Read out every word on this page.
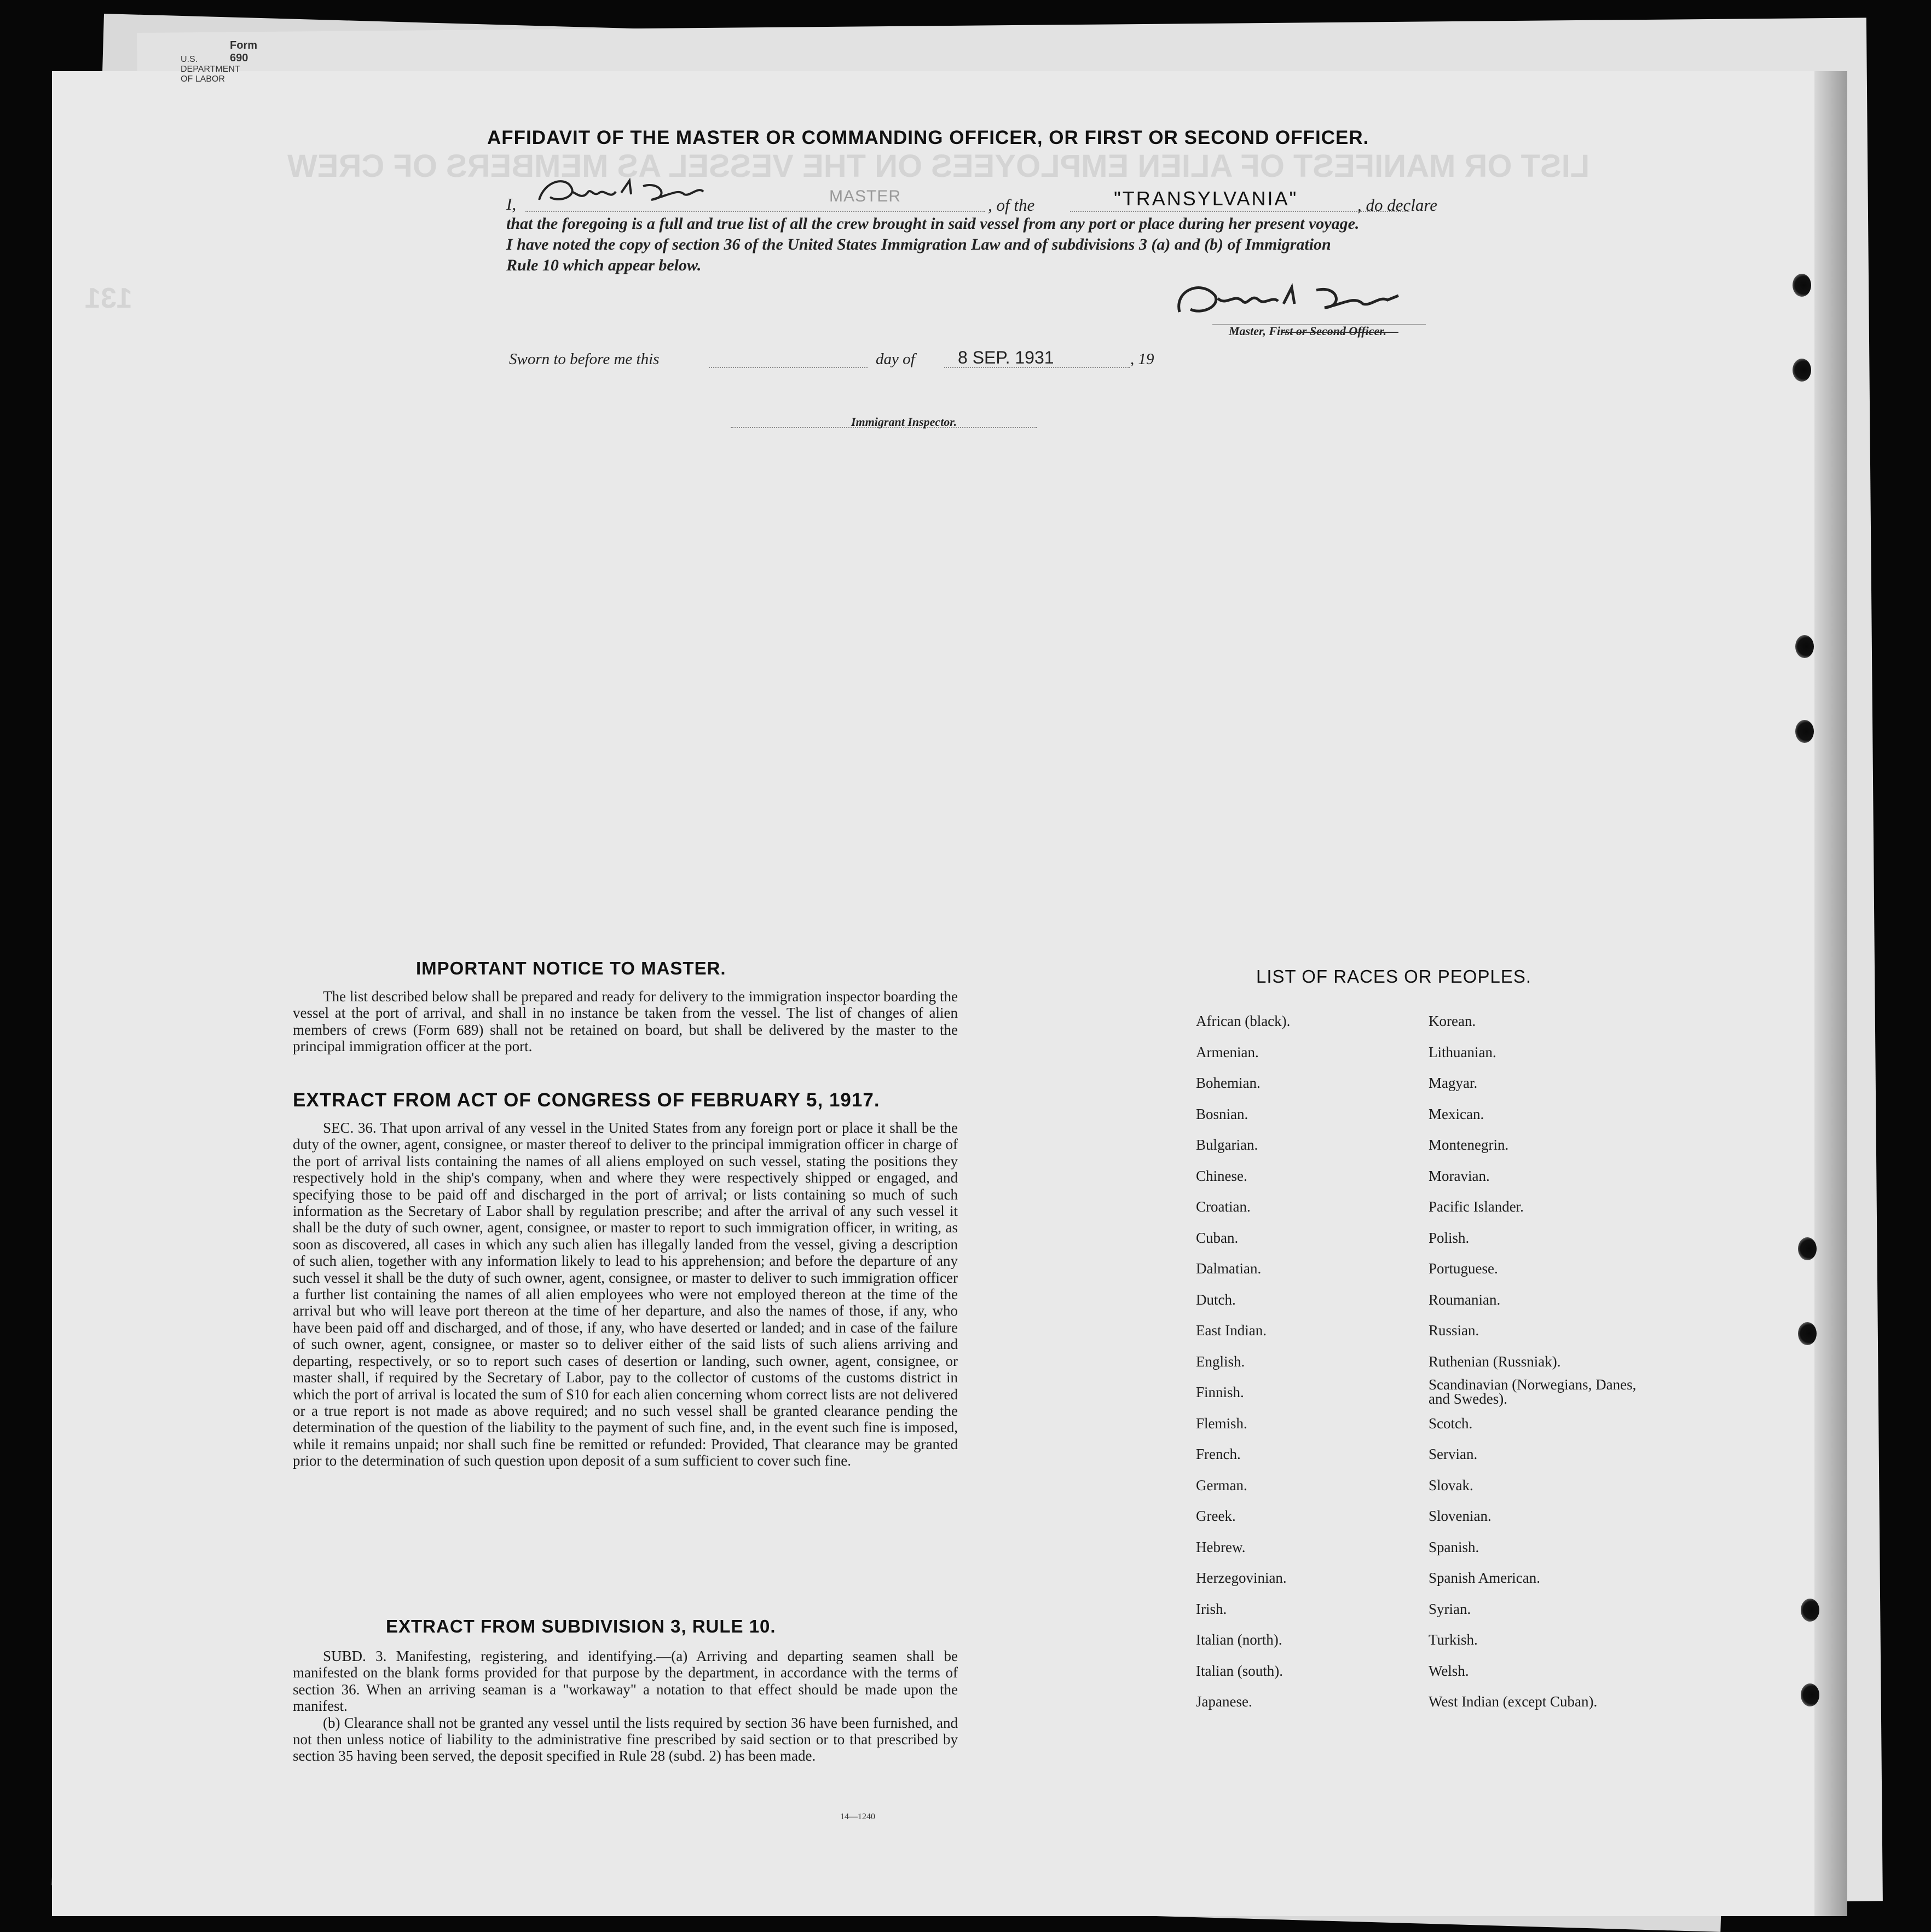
LIST OR MANIFEST OF ALIEN EMPLOYEES ON THE VESSEL AS MEMBERS OF CREW
131
AFFIDAVIT OF THE MASTER OR COMMANDING OFFICER, OR FIRST OR SECOND OFFICER.
I,	MASTER	, of the	"TRANSYLVANIA"	, do declare
that the foregoing is a full and true list of all the crew brought in said vessel from any port or place during her present voyage.
I have noted the copy of section 36 of the United States Immigration Law and of subdivisions 3 (a) and (b) of Immigration
Rule 10 which appear below.
Master, First or Second Officer.
Sworn to before me this	day of 8 SEP. 1931	, 19
Immigrant Inspector.
IMPORTANT NOTICE TO MASTER.

The list described below shall be prepared and ready for delivery to the immigration inspector boarding the vessel at the port of arrival, and shall in no instance be taken from the vessel. The list of changes of alien members of crews (Form 689) shall not be retained on board, but shall be delivered by the master to the principal immigration officer at the port.

EXTRACT FROM ACT OF CONGRESS OF FEBRUARY 5, 1917.

SEC. 36. That upon arrival of any vessel in the United States from any foreign port or place it shall be the duty of the owner, agent, consignee, or master thereof to deliver to the principal immigration officer in charge of the port of arrival lists containing the names of all aliens employed on such vessel, stating the positions they respectively hold in the ship's company, when and where they were respectively shipped or engaged, and specifying those to be paid off and discharged in the port of arrival; or lists containing so much of such information as the Secretary of Labor shall by regulation prescribe; and after the arrival of any such vessel it shall be the duty of such owner, agent, consignee, or master to report to such immigration officer, in writing, as soon as discovered, all cases in which any such alien has illegally landed from the vessel, giving a description of such alien, together with any information likely to lead to his apprehension; and before the departure of any such vessel it shall be the duty of such owner, agent, consignee, or master to deliver to such immigration officer a further list containing the names of all alien employees who were not employed thereon at the time of the arrival but who will leave port thereon at the time of her departure, and also the names of those, if any, who have been paid off and discharged, and of those, if any, who have deserted or landed; and in case of the failure of such owner, agent, consignee, or master so to deliver either of the said lists of such aliens arriving and departing, respectively, or so to report such cases of desertion or landing, such owner, agent, consignee, or master shall, if required by the Secretary of Labor, pay to the collector of customs of the customs district in which the port of arrival is located the sum of $10 for each alien concerning whom correct lists are not delivered or a true report is not made as above required; and no such vessel shall be granted clearance pending the determination of the question of the liability to the payment of such fine, and, in the event such fine is imposed, while it remains unpaid; nor shall such fine be remitted or refunded: Provided, That clearance may be granted prior to the determination of such question upon deposit of a sum sufficient to cover such fine.

EXTRACT FROM SUBDIVISION 3, RULE 10.

SUBD. 3. Manifesting, registering, and identifying.—(a) Arriving and departing seamen shall be manifested on the blank forms provided for that purpose by the department, in accordance with the terms of section 36. When an arriving seaman is a "workaway" a notation to that effect should be made upon the manifest.

(b) Clearance shall not be granted any vessel until the lists required by section 36 have been furnished, and not then unless notice of liability to the administrative fine prescribed by said section or to that prescribed by section 35 having been served, the deposit specified in Rule 28 (subd. 2) has been made.

14—1240
LIST OF RACES OR PEOPLES.
African (black).
Armenian.
Bohemian.
Bosnian.
Bulgarian.
Chinese.
Croatian.
Cuban.
Dalmatian.
Dutch.
East Indian.
English.
Finnish.
Flemish.
French.
German.
Greek.
Hebrew.
Herzegovinian.
Irish.
Italian (north).
Italian (south).
Japanese.
Korean.
Lithuanian.
Magyar.
Mexican.
Montenegrin.
Moravian.
Pacific Islander.
Polish.
Portuguese.
Roumanian.
Russian.
Ruthenian (Russniak).
Scandinavian (Norwegians, Danes, and Swedes).
Scotch.
Servian.
Slovak.
Slovenian.
Spanish.
Spanish American.
Syrian.
Turkish.
Welsh.
West Indian (except Cuban).
Form 690
U.S. DEPARTMENT OF LABOR
